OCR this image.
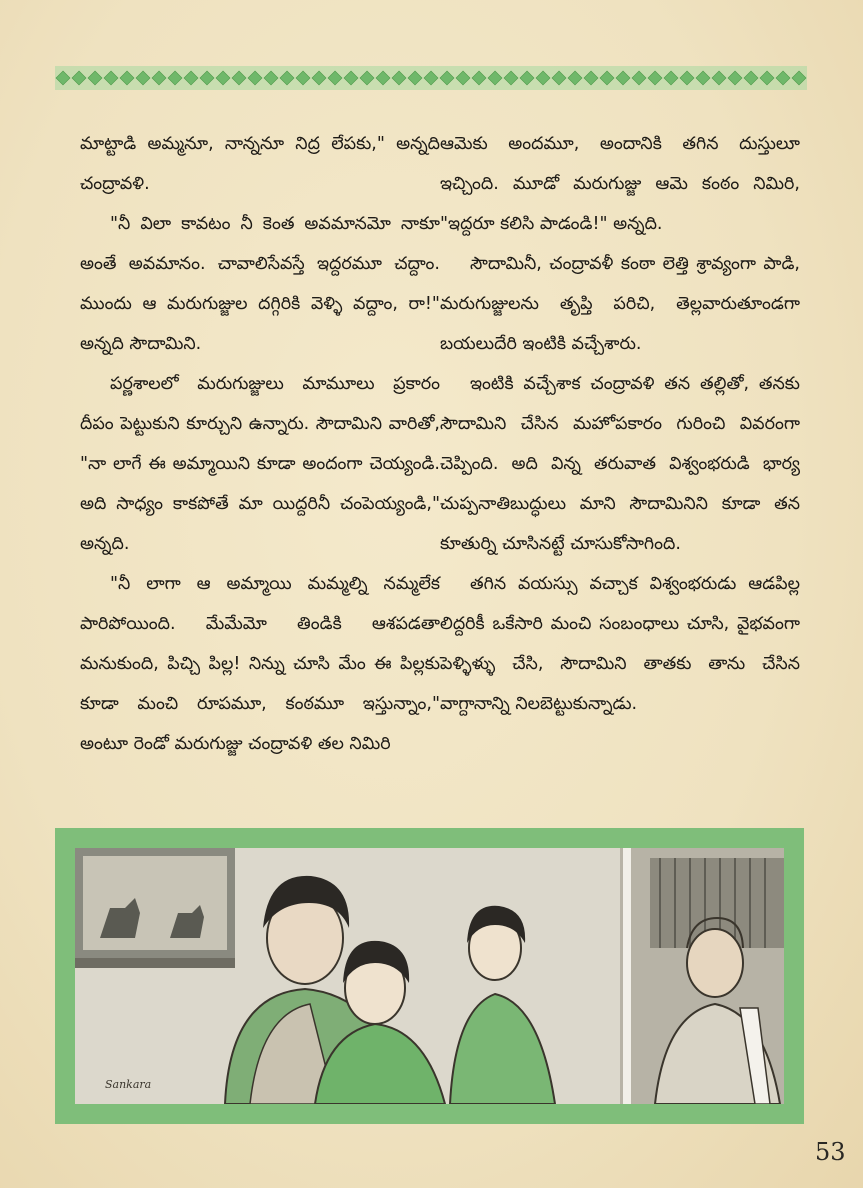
మాట్టాడి అమ్మనూ, నాన్ననూ నిద్ర లేపకు," అన్నది చంద్రావళి.

"నీ విలా కావటం నీ కెంత అవమానమో నాకూ అంతే అవమానం. చావాలిసేవస్తే ఇద్దరమూ చద్దాం. ముందు ఆ మరుగుజ్జుల దగ్గిరికి వెళ్ళి వద్దాం, రా!" అన్నది సౌదామిని.

పర్ణశాలలో మరుగుజ్జులు మామూలు ప్రకారం దీపం పెట్టుకుని కూర్చుని ఉన్నారు. సౌదామిని వారితో, "నా లాగే ఈ అమ్మాయిని కూడా అందంగా చెయ్యండి. అది సాధ్యం కాకపోతే మా యిద్దరినీ చంపెయ్యండి," అన్నది.

"నీ లాగా ఆ అమ్మాయి మమ్మల్ని నమ్మలేక పారిపోయింది. మేమేమో తిండికి ఆశపడతా మనుకుంది, పిచ్చి పిల్ల! నిన్ను చూసి మేం ఈ పిల్లకు కూడా మంచి రూపమూ, కంఠమూ ఇస్తున్నాం," అంటూ రెండో మరుగుజ్జు చంద్రావళి తల నిమిరి

ఆమెకు అందమూ, అందానికి తగిన దుస్తులూ ఇచ్చింది. మూడో మరుగుజ్జు ఆమె కంఠం నిమిరి, "ఇద్దరూ కలిసి పాడండి!" అన్నది.

సౌదామినీ, చంద్రావళీ కంఠా లెత్తి శ్రావ్యంగా పాడి, మరుగుజ్జులను తృప్తి పరిచి, తెల్లవారుతూండగా బయలుదేరి ఇంటికి వచ్చేశారు.

ఇంటికి వచ్చేశాక చంద్రావళి తన తల్లితో, తనకు సౌదామిని చేసిన మహోపకారం గురించి వివరంగా చెప్పింది. అది విన్న తరువాత విశ్వంభరుడి భార్య చుప్పనాతిబుద్ధులు మాని సౌదామినిని కూడా తన కూతుర్ని చూసినట్టే చూసుకోసాగింది.

తగిన వయస్సు వచ్చాక విశ్వంభరుడు ఆడపిల్ల లిద్దరికీ ఒకేసారి మంచి సంబంధాలు చూసి, వైభవంగా పెళ్ళిళ్ళు చేసి, సౌదామిని తాతకు తాను చేసిన వాగ్దానాన్ని నిలబెట్టుకున్నాడు.

Sankara
53
